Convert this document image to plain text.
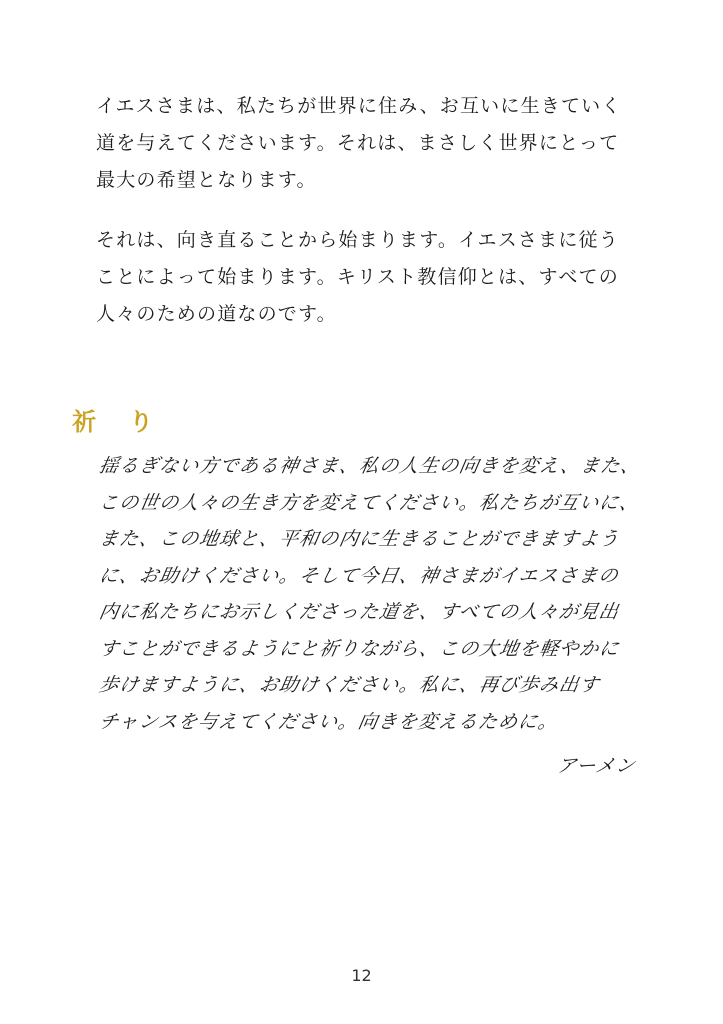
イエスさまは、私たちが世界に住み、お互いに生きていく
道を与えてくださいます。それは、まさしく世界にとって
最大の希望となります。

それは、向き直ることから始まります。イエスさまに従う
ことによって始まります。キリスト教信仰とは、すべての
人々のための道なのです。

祈 り
揺るぎない方である神さま、私の人生の向きを変え、また、
この世の人々の生き方を変えてください。私たちが互いに、
また、この地球と、平和の内に生きることができますよう
に、お助けください。そして今日、神さまがイエスさまの
内に私たちにお示しくださった道を、すべての人々が見出
すことができるようにと祈りながら、この大地を軽やかに
歩けますように、お助けください。私に、再び歩み出す
チャンスを与えてください。向きを変えるために。
アーメン
12
